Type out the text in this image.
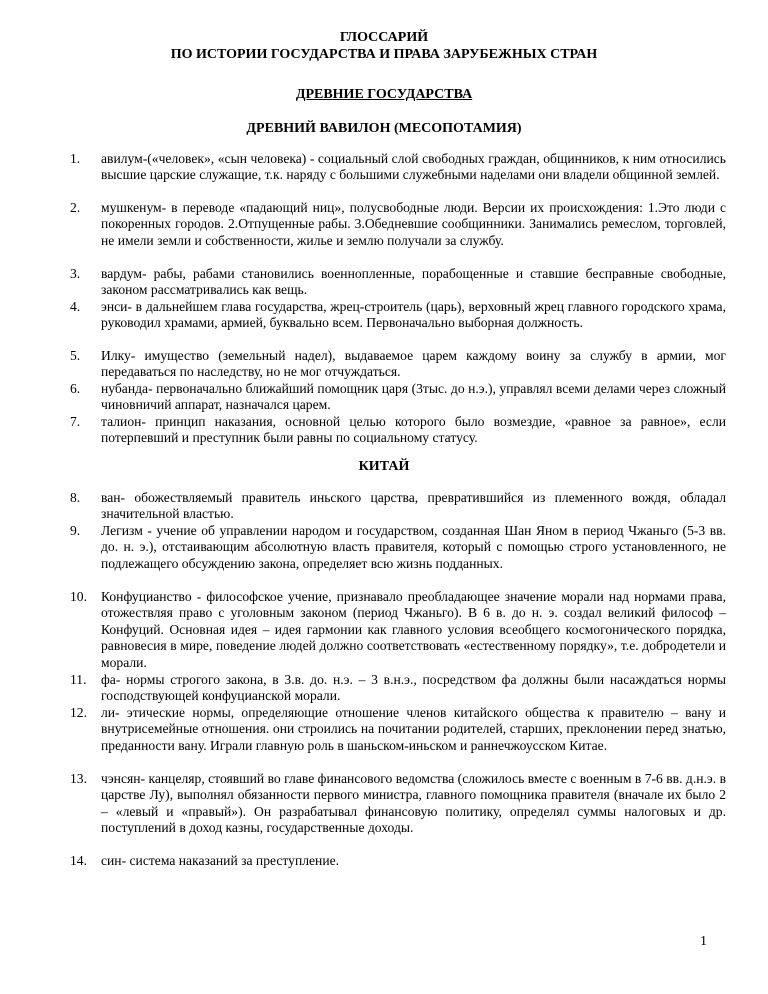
ГЛОССАРИЙ
ПО ИСТОРИИ ГОСУДАРСТВА И ПРАВА ЗАРУБЕЖНЫХ СТРАН
ДРЕВНИЕ ГОСУДАРСТВА
ДРЕВНИЙ ВАВИЛОН (МЕСОПОТАМИЯ)
1. авилум-(«человек», «сын человека) - социальный слой свободных граждан, общинников, к ним относились высшие царские служащие, т.к. наряду с большими служебными наделами они владели общинной землей.
2. мушкенум- в переводе «падающий ниц», полусвободные люди. Версии их происхождения: 1.Это люди с покоренных городов. 2.Отпущенные рабы. 3.Обедневшие сообщинники. Занимались ремеслом, торговлей, не имели земли и собственности, жилье и землю получали за службу.
3. вардум- рабы, рабами становились военнопленные, порабощенные и ставшие бесправные свободные, законом рассматривались как вещь.
4. энси- в дальнейшем глава государства, жрец-строитель (царь), верховный жрец главного городского храма, руководил храмами, армией, буквально всем. Первоначально выборная должность.
5. Илку- имущество (земельный надел), выдаваемое царем каждому воину за службу в армии, мог передаваться по наследству, но не мог отчуждаться.
6. нубанда- первоначально ближайший помощник царя (3тыс. до н.э.), управлял всеми делами через сложный чиновничий аппарат, назначался царем.
7. талион- принцип наказания, основной целью которого было возмездие, «равное за равное», если потерпевший и преступник были равны по социальному статусу.
КИТАЙ
8. ван- обожествляемый правитель иньского царства, превратившийся из племенного вождя, обладал значительной властью.
9. Легизм - учение об управлении народом и государством, созданная Шан Яном в период Чжаньго (5-3 вв. до. н. э.), отстаивающим абсолютную власть правителя, который с помощью строго установленного, не подлежащего обсуждению закона, определяет всю жизнь подданных.
10. Конфуцианство - философское учение, признавало преобладающее значение морали над нормами права, отожествляя право с уголовным законом (период Чжаньго). В 6 в. до н. э. создал великий философ – Конфуций. Основная идея – идея гармонии как главного условия всеобщего космогонического порядка, равновесия в мире, поведение людей должно соответствовать «естественному порядку», т.е. добродетели и морали.
11. фа- нормы строгого закона, в 3.в. до. н.э. – 3 в.н.э., посредством фа должны были насаждаться нормы господствующей конфуцианской морали.
12. ли- этические нормы, определяющие отношение членов китайского общества к правителю – вану и внутрисемейные отношения. они строились на почитании родителей, старших, преклонении перед знатью, преданности вану. Играли главную роль в шаньском-иньском и раннечжоусском Китае.
13. чэнсян- канцеляр, стоявший во главе финансового ведомства (сложилось вместе с военным в 7-6 вв. д.н.э. в царстве Лу), выполнял обязанности первого министра, главного помощника правителя (вначале их было 2 – «левый и «правый»). Он разрабатывал финансовую политику, определял суммы налоговых и др. поступлений в доход казны, государственные доходы.
14. син- система наказаний за преступление.
1
